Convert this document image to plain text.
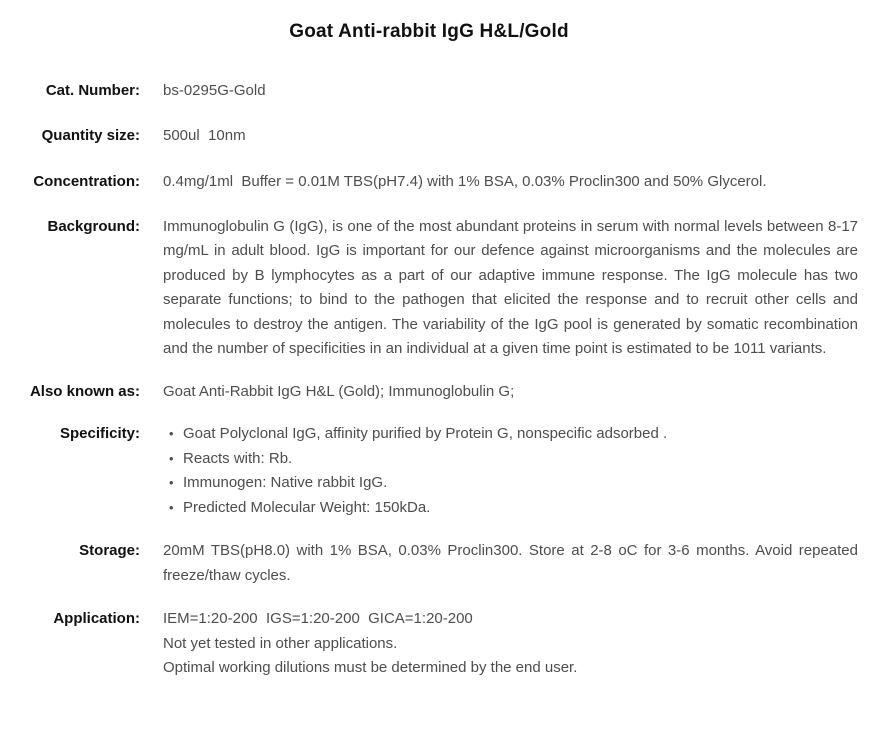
Goat Anti-rabbit IgG H&L/Gold
Cat. Number: bs-0295G-Gold
Quantity size: 500ul  10nm
Concentration: 0.4mg/1ml  Buffer = 0.01M TBS(pH7.4) with 1% BSA, 0.03% Proclin300 and 50% Glycerol.
Background: Immunoglobulin G (IgG), is one of the most abundant proteins in serum with normal levels between 8-17 mg/mL in adult blood. IgG is important for our defence against microorganisms and the molecules are produced by B lymphocytes as a part of our adaptive immune response. The IgG molecule has two separate functions; to bind to the pathogen that elicited the response and to recruit other cells and molecules to destroy the antigen. The variability of the IgG pool is generated by somatic recombination and the number of specificities in an individual at a given time point is estimated to be 1011 variants.
Also known as: Goat Anti-Rabbit IgG H&L (Gold); Immunoglobulin G;
Specificity: • Goat Polyclonal IgG, affinity purified by Protein G, nonspecific adsorbed .
• Reacts with: Rb.
• Immunogen: Native rabbit IgG.
• Predicted Molecular Weight: 150kDa.
Storage: 20mM TBS(pH8.0) with 1% BSA, 0.03% Proclin300. Store at 2-8 oC for 3-6 months. Avoid repeated freeze/thaw cycles.
Application: IEM=1:20-200  IGS=1:20-200  GICA=1:20-200
Not yet tested in other applications.
Optimal working dilutions must be determined by the end user.
